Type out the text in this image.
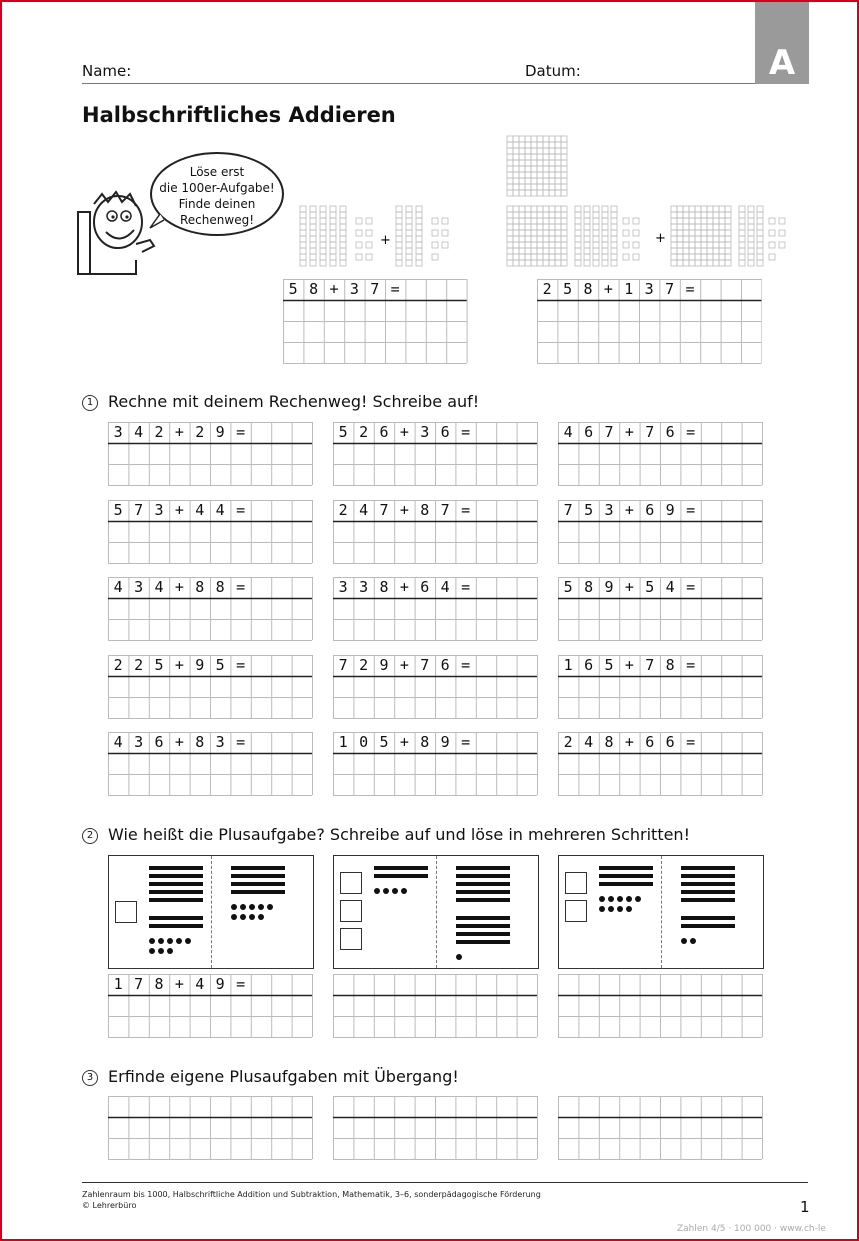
Name:	Datum:	A
Halbschriftliches Addieren
Löse erst
die 100er-Aufgabe!
Finde deinen
Rechenweg!
+	+
58+37=	258+137=
1 Rechne mit deinem Rechenweg! Schreibe auf!
342+29=	526+36=	467+76=
573+44=	247+87=	753+69=
434+88=	338+64=	589+54=
225+95=	729+76=	165+78=
436+83=	105+89=	248+66=
2 Wie heißt die Plusaufgabe? Schreibe auf und löse in mehreren Schritten!
178+49=
3 Erfinde eigene Plusaufgaben mit Übergang!
Zahlenraum bis 1000, Halbschriftliche Addition und Subtraktion, Mathematik, 3–6, sonderpädagogische Förderung
© Lehrerbüro	1
Zahlen 4/5 · 100 000 · www.ch-le
